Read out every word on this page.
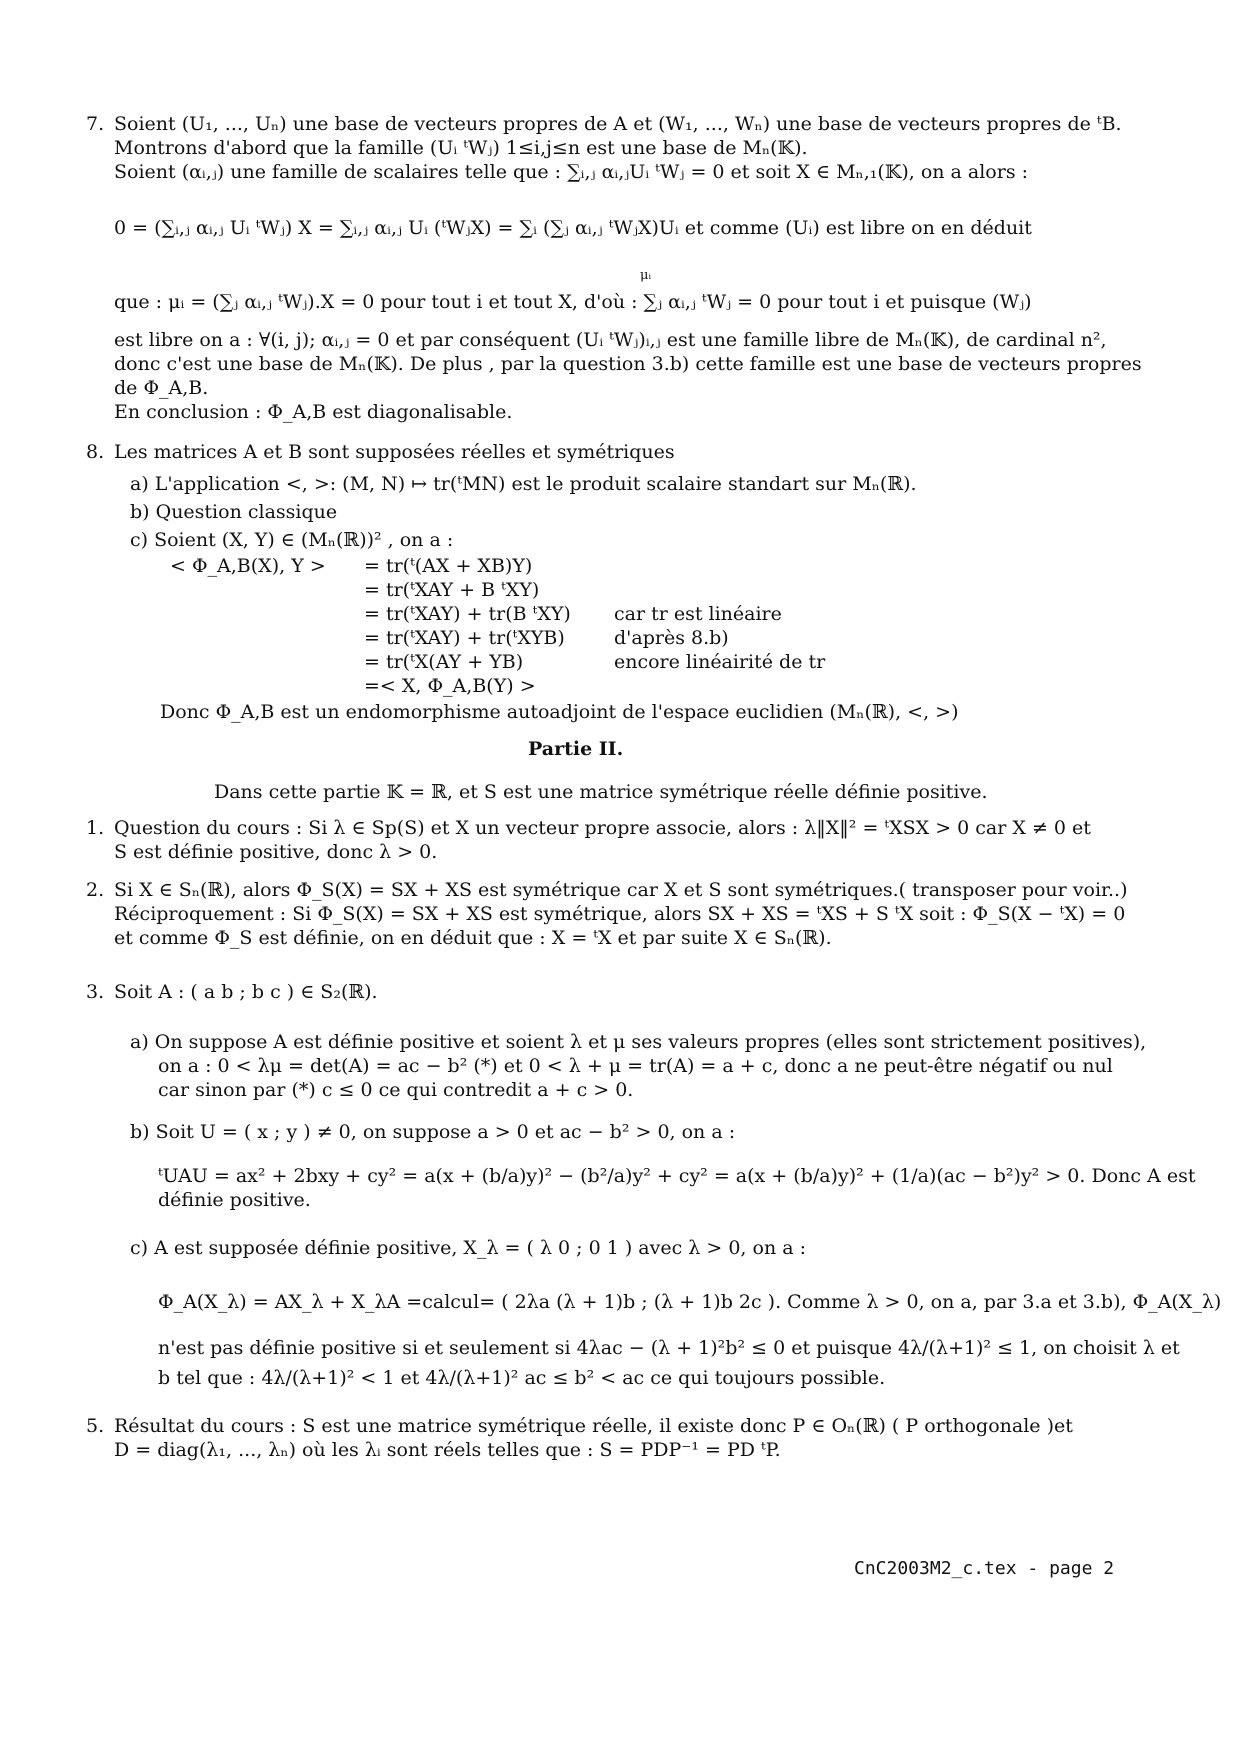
7. Soient (U₁, ..., Uₙ) une base de vecteurs propres de A et (W₁, ..., Wₙ) une base de vecteurs propres de ᵗB.
Montrons d'abord que la famille (Uᵢ ᵗWⱼ) 1≤i,j≤n est une base de Mₙ(𝕂).
Soient (αᵢ,ⱼ) une famille de scalaires telle que : ∑ᵢ,ⱼ αᵢ,ⱼUᵢ ᵗWⱼ = 0 et soit X ∈ Mₙ,₁(𝕂), on a alors :
0 = (∑ᵢ,ⱼ αᵢ,ⱼ Uᵢ ᵗWⱼ) X = ∑ᵢ,ⱼ αᵢ,ⱼ Uᵢ (ᵗWⱼX) = ∑ᵢ (∑ⱼ αᵢ,ⱼ ᵗWⱼX)Uᵢ et comme (Uᵢ) est libre on en déduit
μᵢ
que : μᵢ = (∑ⱼ αᵢ,ⱼ ᵗWⱼ).X = 0 pour tout i et tout X, d'où : ∑ⱼ αᵢ,ⱼ ᵗWⱼ = 0 pour tout i et puisque (Wⱼ)
est libre on a : ∀(i, j); αᵢ,ⱼ = 0 et par conséquent (Uᵢ ᵗWⱼ)ᵢ,ⱼ est une famille libre de Mₙ(𝕂), de cardinal n²,
donc c'est une base de Mₙ(𝕂). De plus , par la question 3.b) cette famille est une base de vecteurs propres
de Φ_A,B.
En conclusion : Φ_A,B est diagonalisable.
8. Les matrices A et B sont supposées réelles et symétriques
a) L'application <, >: (M, N) ↦ tr(ᵗMN) est le produit scalaire standart sur Mₙ(ℝ).
b) Question classique
c) Soient (X, Y) ∈ (Mₙ(ℝ))² , on a :
< Φ_A,B(X), Y > = tr(ᵗ(AX + XB)Y)
= tr(ᵗXAY + B ᵗXY)
= tr(ᵗXAY) + tr(B ᵗXY) car tr est linéaire
= tr(ᵗXAY) + tr(ᵗXYB)	d'après 8.b)
= tr(ᵗX(AY + YB)	encore linéairité de tr
=< X, Φ_A,B(Y) >
Donc Φ_A,B est un endomorphisme autoadjoint de l'espace euclidien (Mₙ(ℝ), <, >)
Partie II.
Dans cette partie 𝕂 = ℝ, et S est une matrice symétrique réelle définie positive.
1. Question du cours : Si λ ∈ Sp(S) et X un vecteur propre associe, alors : λ‖X‖² = ᵗXSX > 0 car X ≠ 0 et
S est définie positive, donc λ > 0.
2. Si X ∈ Sₙ(ℝ), alors Φ_S(X) = SX + XS est symétrique car X et S sont symétriques.( transposer pour voir..)
Réciproquement : Si Φ_S(X) = SX + XS est symétrique, alors SX + XS = ᵗXS + S ᵗX soit : Φ_S(X − ᵗX) = 0
et comme Φ_S est définie, on en déduit que : X = ᵗX et par suite X ∈ Sₙ(ℝ).
3. Soit A : ( a b ; b c ) ∈ S₂(ℝ).
a) On suppose A est définie positive et soient λ et μ ses valeurs propres (elles sont strictement positives),
on a : 0 < λμ = det(A) = ac − b² (*) et 0 < λ + μ = tr(A) = a + c, donc a ne peut-être négatif ou nul
car sinon par (*) c ≤ 0 ce qui contredit a + c > 0.
b) Soit U = ( x ; y ) ≠ 0, on suppose a > 0 et ac − b² > 0, on a :
ᵗUAU = ax² + 2bxy + cy² = a(x + (b/a)y)² − (b²/a)y² + cy² = a(x + (b/a)y)² + (1/a)(ac − b²)y² > 0. Donc A est
définie positive.
c) A est supposée définie positive, X_λ = ( λ 0 ; 0 1 ) avec λ > 0, on a :
Φ_A(X_λ) = AX_λ + X_λA =calcul= ( 2λa (λ + 1)b ; (λ + 1)b 2c ). Comme λ > 0, on a, par 3.a et 3.b), Φ_A(X_λ)
n'est pas définie positive si et seulement si 4λac − (λ + 1)²b² ≤ 0 et puisque 4λ/(λ+1)² ≤ 1, on choisit λ et
b tel que : 4λ/(λ+1)² < 1 et 4λ/(λ+1)² ac ≤ b² < ac ce qui toujours possible.
5. Résultat du cours : S est une matrice symétrique réelle, il existe donc P ∈ Oₙ(ℝ) ( P orthogonale )et
D = diag(λ₁, ..., λₙ) où les λᵢ sont réels telles que : S = PDP⁻¹ = PD ᵗP.
CnC2003M2_c.tex - page 2
